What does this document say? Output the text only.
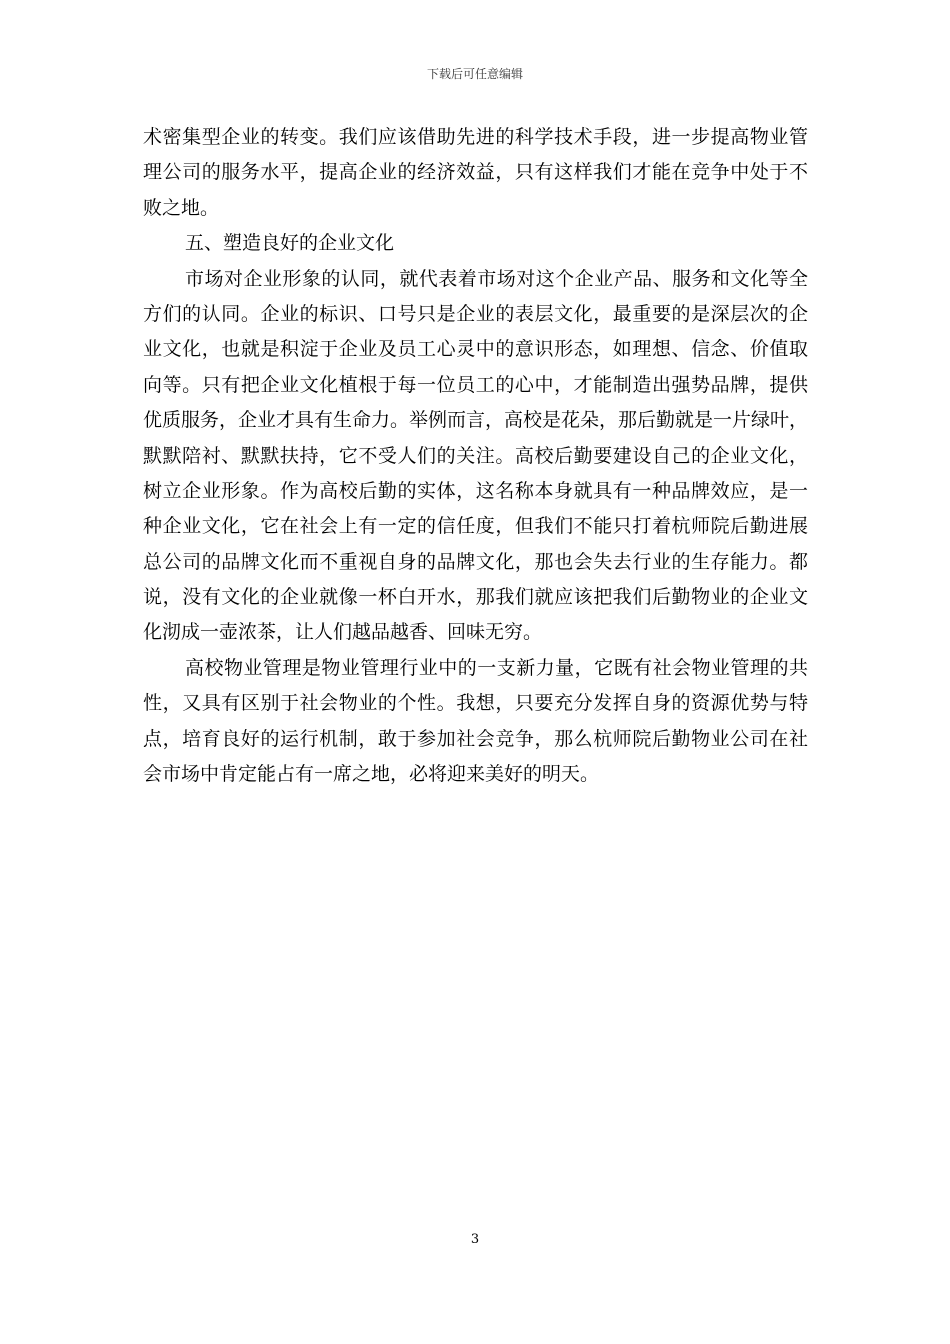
下载后可任意编辑
术密集型企业的转变。我们应该借助先进的科学技术手段，进一步提高物业管
理公司的服务水平，提高企业的经济效益，只有这样我们才能在竞争中处于不
败之地。
五、塑造良好的企业文化
市场对企业形象的认同，就代表着市场对这个企业产品、服务和文化等全
方们的认同。企业的标识、口号只是企业的表层文化，最重要的是深层次的企
业文化，也就是积淀于企业及员工心灵中的意识形态，如理想、信念、价值取
向等。只有把企业文化植根于每一位员工的心中，才能制造出强势品牌，提供
优质服务，企业才具有生命力。举例而言，高校是花朵，那后勤就是一片绿叶，
默默陪衬、默默扶持，它不受人们的关注。高校后勤要建设自己的企业文化，
树立企业形象。作为高校后勤的实体，这名称本身就具有一种品牌效应，是一
种企业文化，它在社会上有一定的信任度，但我们不能只打着杭师院后勤进展
总公司的品牌文化而不重视自身的品牌文化，那也会失去行业的生存能力。都
说，没有文化的企业就像一杯白开水，那我们就应该把我们后勤物业的企业文
化沏成一壶浓茶，让人们越品越香、回味无穷。
高校物业管理是物业管理行业中的一支新力量，它既有社会物业管理的共
性，又具有区别于社会物业的个性。我想，只要充分发挥自身的资源优势与特
点，培育良好的运行机制，敢于参加社会竞争，那么杭师院后勤物业公司在社
会市场中肯定能占有一席之地，必将迎来美好的明天。
3
